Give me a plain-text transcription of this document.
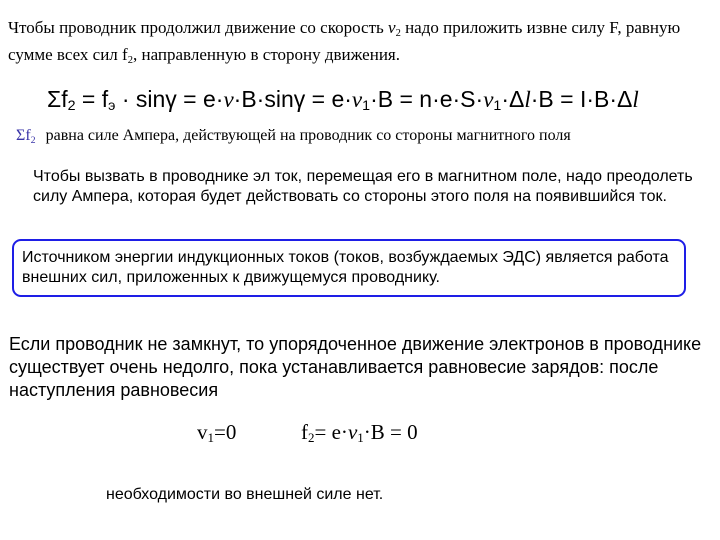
Чтобы проводник продолжил движение со скорость $v_2$ надо приложить извне силу F, равную сумме всех сил $f_2$, направленную в сторону движения.
$\Sigma f_2 = f_э \cdot \sin\gamma = e\cdot v\cdot B\cdot\sin\gamma = e\cdot v_1\cdot B = n\cdot e\cdot S\cdot v_1\cdot\Delta l\cdot B = I\cdot B\cdot\Delta l$
$\Sigma f_2$ равна силе Ампера, действующей на проводник со стороны магнитного поля
Чтобы вызвать в проводнике эл ток, перемещая его в магнитном поле, надо преодолеть силу Ампера, которая будет действовать со стороны этого поля на появившийся ток.
Источником энергии индукционных токов (токов, возбуждаемых ЭДС) является работа внешних сил, приложенных к движущемуся проводнику.
Если проводник не замкнут, то упорядоченное движение электронов в проводнике существует очень недолго, пока устанавливается равновесие зарядов: после наступления равновесия
$v_1=0$	$f_2= e\cdot v_1\cdot B = 0$
необходимости во внешней силе нет.
